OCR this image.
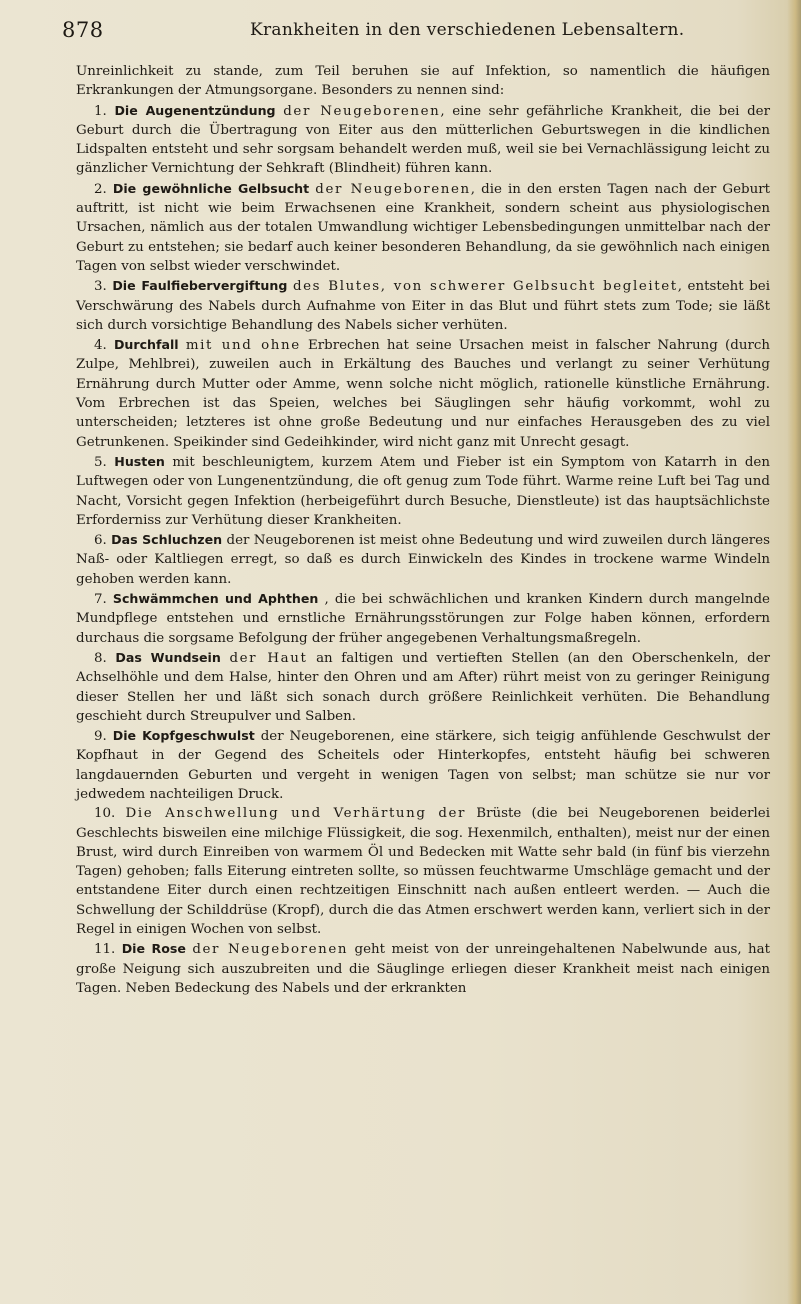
878	Krankheiten in den verschiedenen Lebensaltern.

Unreinlichkeit zu stande, zum Teil beruhen sie auf Infektion, so namentlich die häufigen Erkrankungen der Atmungsorgane. Besonders zu nennen sind:

1. Die Augenentzündung der Neugeborenen, eine sehr gefährliche Krankheit, die bei der Geburt durch die Übertragung von Eiter aus den mütterlichen Geburtswegen in die kindlichen Lidspalten entsteht und sehr sorgsam behandelt werden muß, weil sie bei Vernachlässigung leicht zu gänzlicher Vernichtung der Sehkraft (Blindheit) führen kann.

2. Die gewöhnliche Gelbsucht der Neugeborenen, die in den ersten Tagen nach der Geburt auftritt, ist nicht wie beim Erwachsenen eine Krankheit, sondern scheint aus physiologischen Ursachen, nämlich aus der totalen Umwandlung wichtiger Lebensbedingungen unmittelbar nach der Geburt zu entstehen; sie bedarf auch keiner besonderen Behandlung, da sie gewöhnlich nach einigen Tagen von selbst wieder verschwindet.

3. Die Faulfiebervergiftung des Blutes, von schwerer Gelbsucht begleitet, entsteht bei Verschwärung des Nabels durch Aufnahme von Eiter in das Blut und führt stets zum Tode; sie läßt sich durch vorsichtige Behandlung des Nabels sicher verhüten.

4. Durchfall mit und ohne Erbrechen hat seine Ursachen meist in falscher Nahrung (durch Zulpe, Mehlbrei), zuweilen auch in Erkältung des Bauches und verlangt zu seiner Verhütung Ernährung durch Mutter oder Amme, wenn solche nicht möglich, rationelle künstliche Ernährung. Vom Erbrechen ist das Speien, welches bei Säuglingen sehr häufig vorkommt, wohl zu unterscheiden; letzteres ist ohne große Bedeutung und nur einfaches Herausgeben des zu viel Getrunkenen. Speikinder sind Gedeihkinder, wird nicht ganz mit Unrecht gesagt.

5. Husten mit beschleunigtem, kurzem Atem und Fieber ist ein Symptom von Katarrh in den Luftwegen oder von Lungenentzündung, die oft genug zum Tode führt. Warme reine Luft bei Tag und Nacht, Vorsicht gegen Infektion (herbeigeführt durch Besuche, Dienstleute) ist das hauptsächlichste Erforderniss zur Verhütung dieser Krankheiten.

6. Das Schluchzen der Neugeborenen ist meist ohne Bedeutung und wird zuweilen durch längeres Naß- oder Kaltliegen erregt, so daß es durch Einwickeln des Kindes in trockene warme Windeln gehoben werden kann.

7. Schwämmchen und Aphthen , die bei schwächlichen und kranken Kindern durch mangelnde Mundpflege entstehen und ernstliche Ernährungsstörungen zur Folge haben können, erfordern durchaus die sorgsame Befolgung der früher angegebenen Verhaltungsmaßregeln.

8. Das Wundsein der Haut an faltigen und vertieften Stellen (an den Oberschenkeln, der Achselhöhle und dem Halse, hinter den Ohren und am After) rührt meist von zu geringer Reinigung dieser Stellen her und läßt sich sonach durch größere Reinlichkeit verhüten. Die Behandlung geschieht durch Streupulver und Salben.

9. Die Kopfgeschwulst der Neugeborenen, eine stärkere, sich teigig anfühlende Geschwulst der Kopfhaut in der Gegend des Scheitels oder Hinterkopfes, entsteht häufig bei schweren langdauernden Geburten und vergeht in wenigen Tagen von selbst; man schütze sie nur vor jedwedem nachteiligen Druck.

10. Die Anschwellung und Verhärtung der Brüste (die bei Neugeborenen beiderlei Geschlechts bisweilen eine milchige Flüssigkeit, die sog. Hexenmilch, enthalten), meist nur der einen Brust, wird durch Einreiben von warmem Öl und Bedecken mit Watte sehr bald (in fünf bis vierzehn Tagen) gehoben; falls Eiterung eintreten sollte, so müssen feuchtwarme Umschläge gemacht und der entstandene Eiter durch einen rechtzeitigen Einschnitt nach außen entleert werden. — Auch die Schwellung der Schilddrüse (Kropf), durch die das Atmen erschwert werden kann, verliert sich in der Regel in einigen Wochen von selbst.

11. Die Rose der Neugeborenen geht meist von der unreingehaltenen Nabelwunde aus, hat große Neigung sich auszubreiten und die Säuglinge erliegen dieser Krankheit meist nach einigen Tagen. Neben Bedeckung des Nabels und der erkrankten
